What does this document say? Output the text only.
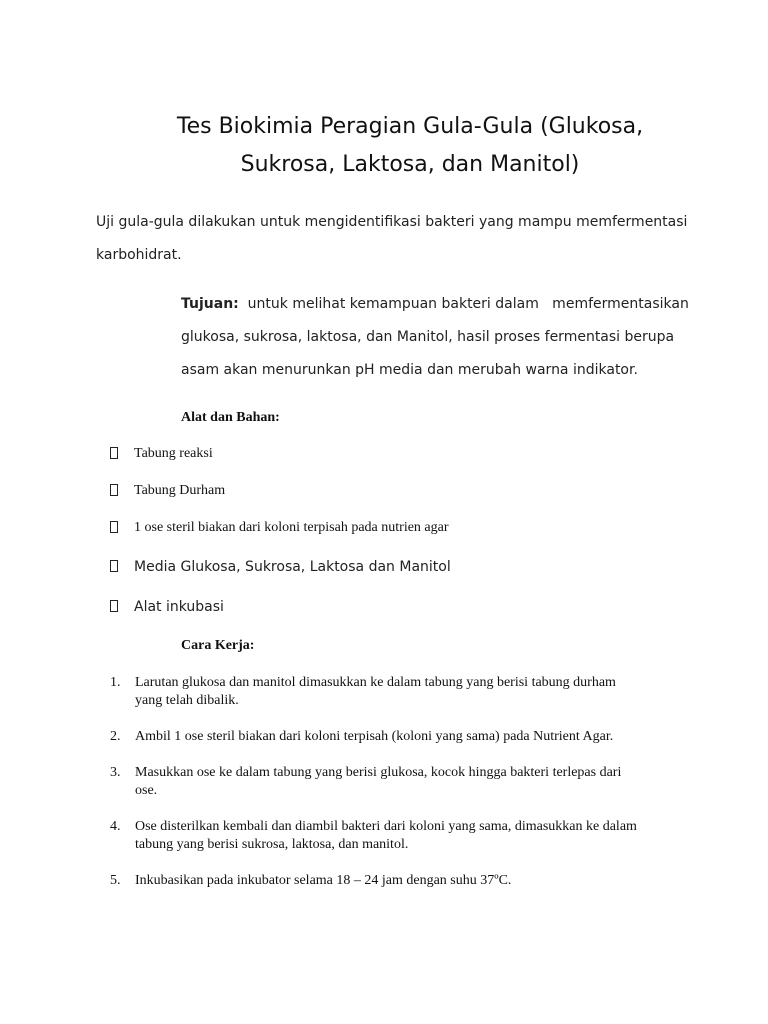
Tes Biokimia Peragian Gula-Gula (Glukosa,
Sukrosa, Laktosa, dan Manitol)
Uji gula-gula dilakukan untuk mengidentifikasi bakteri yang mampu memfermentasi
karbohidrat.
Tujuan:  untuk melihat kemampuan bakteri dalam   memfermentasikan
glukosa, sukrosa, laktosa, dan Manitol, hasil proses fermentasi berupa
asam akan menurunkan pH media dan merubah warna indikator.
Alat dan Bahan:
Tabung reaksi
Tabung Durham
1 ose steril biakan dari koloni terpisah pada nutrien agar
Media Glukosa, Sukrosa, Laktosa dan Manitol
Alat inkubasi
Cara Kerja:
1.	Larutan glukosa dan manitol dimasukkan ke dalam tabung yang berisi tabung durham
yang telah dibalik.
2.	Ambil 1 ose steril biakan dari koloni terpisah (koloni yang sama) pada Nutrient Agar.
3.	Masukkan ose ke dalam tabung yang berisi glukosa, kocok hingga bakteri terlepas dari
ose.
4.	Ose disterilkan kembali dan diambil bakteri dari koloni yang sama, dimasukkan ke dalam
tabung yang berisi sukrosa, laktosa, dan manitol.
5.	Inkubasikan pada inkubator selama 18 – 24 jam dengan suhu 37ºC.
